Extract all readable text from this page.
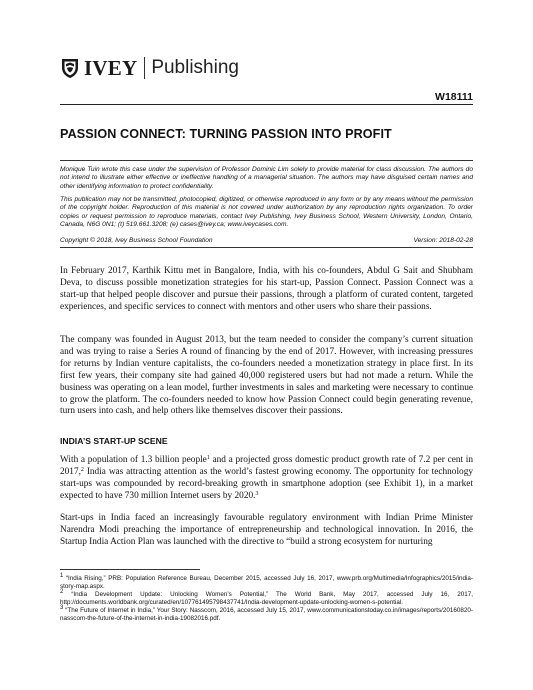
IVEY Publishing
W18111
PASSION CONNECT: TURNING PASSION INTO PROFIT
Monique Tuin wrote this case under the supervision of Professor Dominic Lim solely to provide material for class discussion. The authors do not intend to illustrate either effective or ineffective handling of a managerial situation. The authors may have disguised certain names and other identifying information to protect confidentiality.
This publication may not be transmitted, photocopied, digitized, or otherwise reproduced in any form or by any means without the permission of the copyright holder. Reproduction of this material is not covered under authorization by any reproduction rights organization. To order copies or request permission to reproduce materials, contact Ivey Publishing, Ivey Business School, Western University, London, Ontario, Canada, N6G 0N1; (t) 519.661.3208; (e) cases@ivey.ca; www.iveycases.com.
Copyright © 2018, Ivey Business School Foundation	Version: 2018-02-28
In February 2017, Karthik Kittu met in Bangalore, India, with his co-founders, Abdul G Sait and Shubham Deva, to discuss possible monetization strategies for his start-up, Passion Connect. Passion Connect was a start-up that helped people discover and pursue their passions, through a platform of curated content, targeted experiences, and specific services to connect with mentors and other users who share their passions.
The company was founded in August 2013, but the team needed to consider the company’s current situation and was trying to raise a Series A round of financing by the end of 2017. However, with increasing pressures for returns by Indian venture capitalists, the co-founders needed a monetization strategy in place first. In its first few years, their company site had gained 40,000 registered users but had not made a return. While the business was operating on a lean model, further investments in sales and marketing were necessary to continue to grow the platform. The co-founders needed to know how Passion Connect could begin generating revenue, turn users into cash, and help others like themselves discover their passions.
INDIA’S START-UP SCENE
With a population of 1.3 billion people$^1$ and a projected gross domestic product growth rate of 7.2 per cent in 2017,$^2$ India was attracting attention as the world’s fastest growing economy. The opportunity for technology start-ups was compounded by record-breaking growth in smartphone adoption (see Exhibit 1), in a market expected to have 730 million Internet users by 2020.$^3$
Start-ups in India faced an increasingly favourable regulatory environment with Indian Prime Minister Narendra Modi preaching the importance of entrepreneurship and technological innovation. In 2016, the Startup India Action Plan was launched with the directive to “build a strong ecosystem for nurturing
$^1$ “India Rising,” PRB: Population Reference Bureau, December 2015, accessed July 16, 2017, www.prb.org/Multimedia/Infographics/2015/india-story-map.aspx.
$^2$ “India Development Update: Unlocking Women’s Potential,” The World Bank, May 2017, accessed July 16, 2017, http://documents.worldbank.org/curated/en/107761495798437741/India-development-update-unlocking-women-s-potential.
$^3$ “The Future of Internet in India,” Your Story: Nasscom, 2016, accessed July 15, 2017, www.communicationstoday.co.in/images/reports/20160820-nasscom-the-future-of-the-internet-in-india-19082016.pdf.
